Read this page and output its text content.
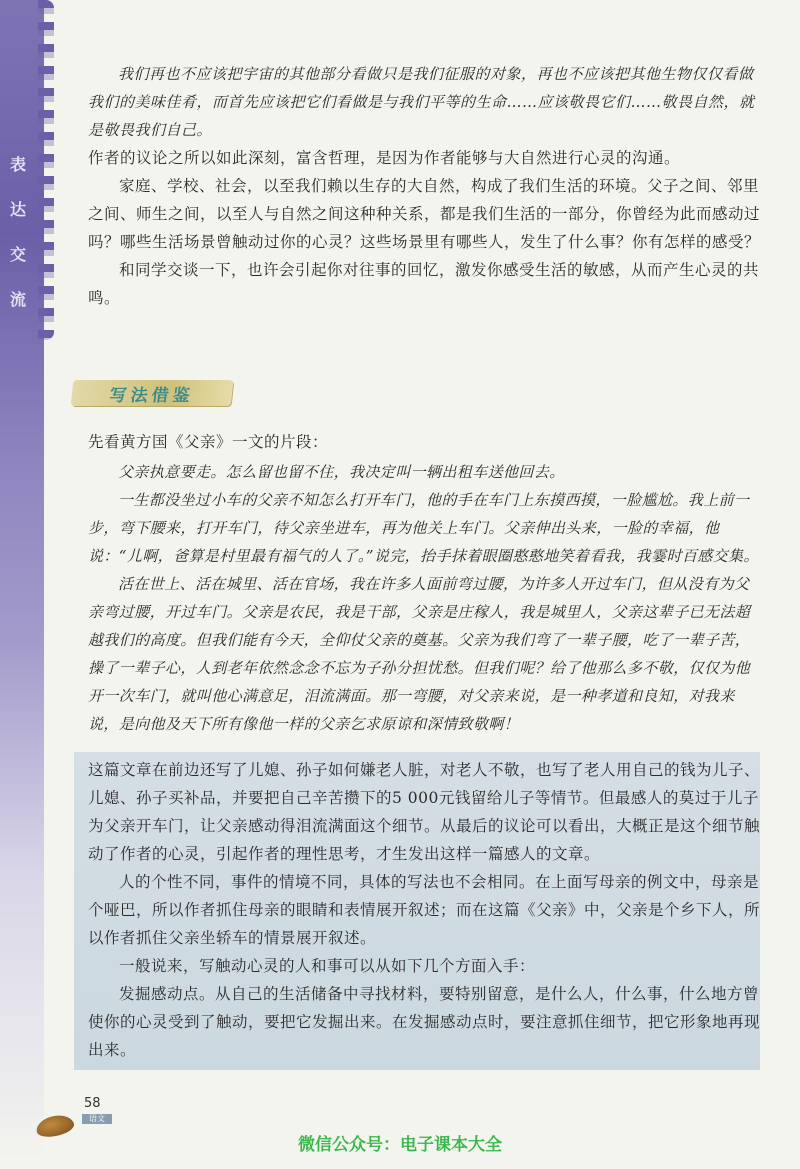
表
达
交
流

我们再也不应该把宇宙的其他部分看做只是我们征服的对象，再也不应该把其他生物仅仅看做我们的美味佳肴，而首先应该把它们看做是与我们平等的生命……应该敬畏它们……敬畏自然，就是敬畏我们自己。

作者的议论之所以如此深刻，富含哲理，是因为作者能够与大自然进行心灵的沟通。

家庭、学校、社会，以至我们赖以生存的大自然，构成了我们生活的环境。父子之间、邻里之间、师生之间，以至人与自然之间这种种关系，都是我们生活的一部分，你曾经为此而感动过吗？哪些生活场景曾触动过你的心灵？这些场景里有哪些人，发生了什么事？你有怎样的感受？

和同学交谈一下，也许会引起你对往事的回忆，激发你感受生活的敏感，从而产生心灵的共鸣。

写法借鉴

先看黄方国《父亲》一文的片段：

父亲执意要走。怎么留也留不住，我决定叫一辆出租车送他回去。

一生都没坐过小车的父亲不知怎么打开车门，他的手在车门上东摸西摸，一脸尴尬。我上前一步，弯下腰来，打开车门，待父亲坐进车，再为他关上车门。父亲伸出头来，一脸的幸福，他说：“儿啊，爸算是村里最有福气的人了。”说完，抬手抹着眼圈憨憨地笑着看我，我霎时百感交集。

活在世上、活在城里、活在官场，我在许多人面前弯过腰，为许多人开过车门，但从没有为父亲弯过腰，开过车门。父亲是农民，我是干部，父亲是庄稼人，我是城里人，父亲这辈子已无法超越我们的高度。但我们能有今天，全仰仗父亲的奠基。父亲为我们弯了一辈子腰，吃了一辈子苦，操了一辈子心，人到老年依然念念不忘为子孙分担忧愁。但我们呢？给了他那么多不敬，仅仅为他开一次车门，就叫他心满意足，泪流满面。那一弯腰，对父亲来说，是一种孝道和良知，对我来说，是向他及天下所有像他一样的父亲乞求原谅和深情致敬啊！

这篇文章在前边还写了儿媳、孙子如何嫌老人脏，对老人不敬，也写了老人用自己的钱为儿子、儿媳、孙子买补品，并要把自己辛苦攒下的5 000元钱留给儿子等情节。但最感人的莫过于儿子为父亲开车门，让父亲感动得泪流满面这个细节。从最后的议论可以看出，大概正是这个细节触动了作者的心灵，引起作者的理性思考，才生发出这样一篇感人的文章。

人的个性不同，事件的情境不同，具体的写法也不会相同。在上面写母亲的例文中，母亲是个哑巴，所以作者抓住母亲的眼睛和表情展开叙述；而在这篇《父亲》中，父亲是个乡下人，所以作者抓住父亲坐轿车的情景展开叙述。

一般说来，写触动心灵的人和事可以从如下几个方面入手：

发掘感动点。从自己的生活储备中寻找材料，要特别留意，是什么人，什么事，什么地方曾使你的心灵受到了触动，要把它发掘出来。在发掘感动点时，要注意抓住细节，把它形象地再现出来。

58
语文
微信公众号：电子课本大全
